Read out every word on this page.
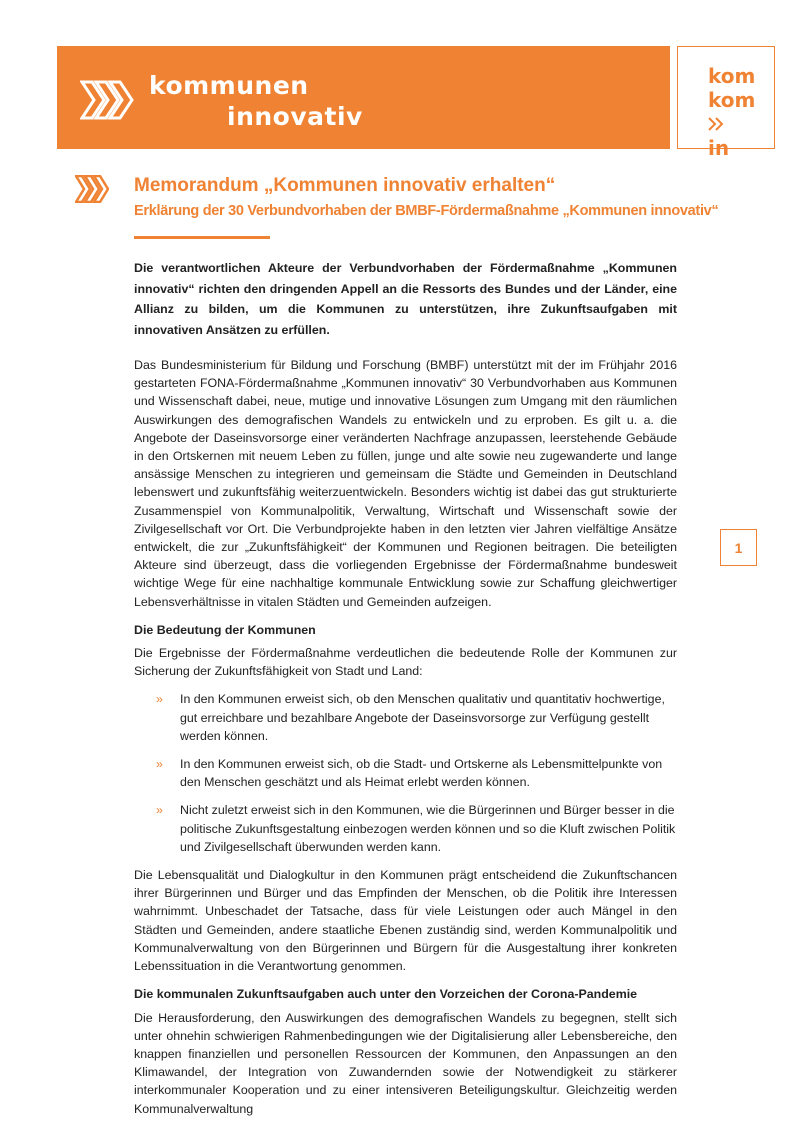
kommunen
innovativ
kom
kom
in
Memorandum „Kommunen innovativ erhalten“
Erklärung der 30 Verbundvorhaben der BMBF-Fördermaßnahme „Kommunen innovativ“

Die verantwortlichen Akteure der Verbundvorhaben der Fördermaßnahme „Kommunen innovativ“ richten den dringenden Appell an die Ressorts des Bundes und der Länder, eine Allianz zu bilden, um die Kommunen zu unterstützen, ihre Zukunftsaufgaben mit innovativen Ansätzen zu erfüllen.

Das Bundesministerium für Bildung und Forschung (BMBF) unterstützt mit der im Frühjahr 2016 gestarteten FONA-Fördermaßnahme „Kommunen innovativ“ 30 Verbundvorhaben aus Kommunen und Wissenschaft dabei, neue, mutige und innovative Lösungen zum Umgang mit den räumlichen Auswirkungen des demografischen Wandels zu entwickeln und zu erproben. Es gilt u. a. die Angebote der Daseinsvorsorge einer veränderten Nachfrage anzupassen, leerstehende Gebäude in den Ortskernen mit neuem Leben zu füllen, junge und alte sowie neu zugewanderte und lange ansässige Menschen zu integrieren und gemeinsam die Städte und Gemeinden in Deutschland lebenswert und zukunftsfähig weiterzuentwickeln. Besonders wichtig ist dabei das gut strukturierte Zusammenspiel von Kommunalpolitik, Verwaltung, Wirtschaft und Wissenschaft sowie der Zivilgesellschaft vor Ort. Die Verbundprojekte haben in den letzten vier Jahren vielfältige Ansätze entwickelt, die zur „Zukunftsfähigkeit“ der Kommunen und Regionen beitragen. Die beteiligten Akteure sind überzeugt, dass die vorliegenden Ergebnisse der Fördermaßnahme bundesweit wichtige Wege für eine nachhaltige kommunale Entwicklung sowie zur Schaffung gleichwertiger Lebensverhältnisse in vitalen Städten und Gemeinden aufzeigen.

Die Bedeutung der Kommunen

Die Ergebnisse der Fördermaßnahme verdeutlichen die bedeutende Rolle der Kommunen zur Sicherung der Zukunftsfähigkeit von Stadt und Land:

» In den Kommunen erweist sich, ob den Menschen qualitativ und quantitativ hochwertige, gut erreichbare und bezahlbare Angebote der Daseinsvorsorge zur Verfügung gestellt werden können.
» In den Kommunen erweist sich, ob die Stadt- und Ortskerne als Lebensmittelpunkte von den Menschen geschätzt und als Heimat erlebt werden können.
» Nicht zuletzt erweist sich in den Kommunen, wie die Bürgerinnen und Bürger besser in die politische Zukunftsgestaltung einbezogen werden können und so die Kluft zwischen Politik und Zivilgesellschaft überwunden werden kann.

Die Lebensqualität und Dialogkultur in den Kommunen prägt entscheidend die Zukunftschancen ihrer Bürgerinnen und Bürger und das Empfinden der Menschen, ob die Politik ihre Interessen wahrnimmt. Unbeschadet der Tatsache, dass für viele Leistungen oder auch Mängel in den Städten und Gemeinden, andere staatliche Ebenen zuständig sind, werden Kommunalpolitik und Kommunalverwaltung von den Bürgerinnen und Bürgern für die Ausgestaltung ihrer konkreten Lebenssituation in die Verantwortung genommen.

Die kommunalen Zukunftsaufgaben auch unter den Vorzeichen der Corona-Pandemie

Die Herausforderung, den Auswirkungen des demografischen Wandels zu begegnen, stellt sich unter ohnehin schwierigen Rahmenbedingungen wie der Digitalisierung aller Lebensbereiche, den knappen finanziellen und personellen Ressourcen der Kommunen, den Anpassungen an den Klimawandel, der Integration von Zuwandernden sowie der Notwendigkeit zu stärkerer interkommunaler Kooperation und zu einer intensiveren Beteiligungskultur. Gleichzeitig werden Kommunalverwaltung

1
